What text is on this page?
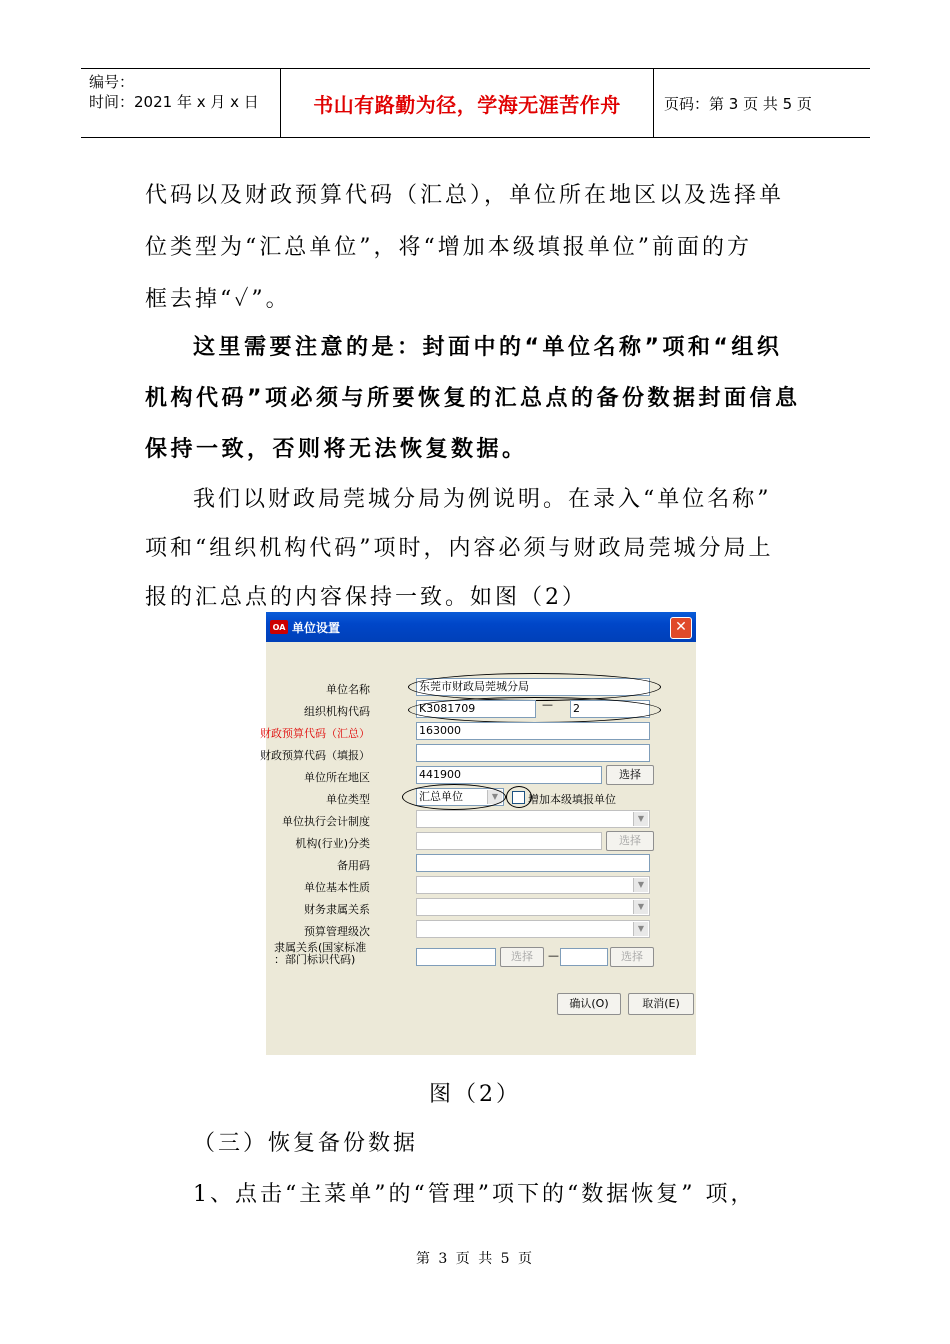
编号：
时间：2021 年 x 月 x 日	书山有路勤为径，学海无涯苦作舟	页码：第 3 页 共 5 页
代码以及财政预算代码（汇总），单位所在地区以及选择单
位类型为“汇总单位”，将“增加本级填报单位”前面的方
框去掉“✓”。
这里需要注意的是：封面中的“单位名称”项和“组织
机构代码”项必须与所要恢复的汇总点的备份数据封面信息
保持一致，否则将无法恢复数据。
我们以财政局莞城分局为例说明。在录入“单位名称”
项和“组织机构代码”项时，内容必须与财政局莞城分局上
报的汇总点的内容保持一致。如图（2）
OA 单位设置	✕
单位名称	东莞市财政局莞城分局
组织机构代码	K3081709	— 2
财政预算代码（汇总）	163000
财政预算代码（填报）
单位所在地区	441900	选择
单位类型	汇总单位	▼	增加本级填报单位
单位执行会计制度	▼
机构(行业)分类	选择
备用码
单位基本性质	▼
财务隶属关系	▼
预算管理级次	▼
隶属关系(国家标准
：部门标识代码)	选择	—	选择
确认(O)	取消(E)
图（2）
（三）恢复备份数据
1、点击“主菜单”的“管理”项下的“数据恢复” 项，
第 3 页 共 5 页
